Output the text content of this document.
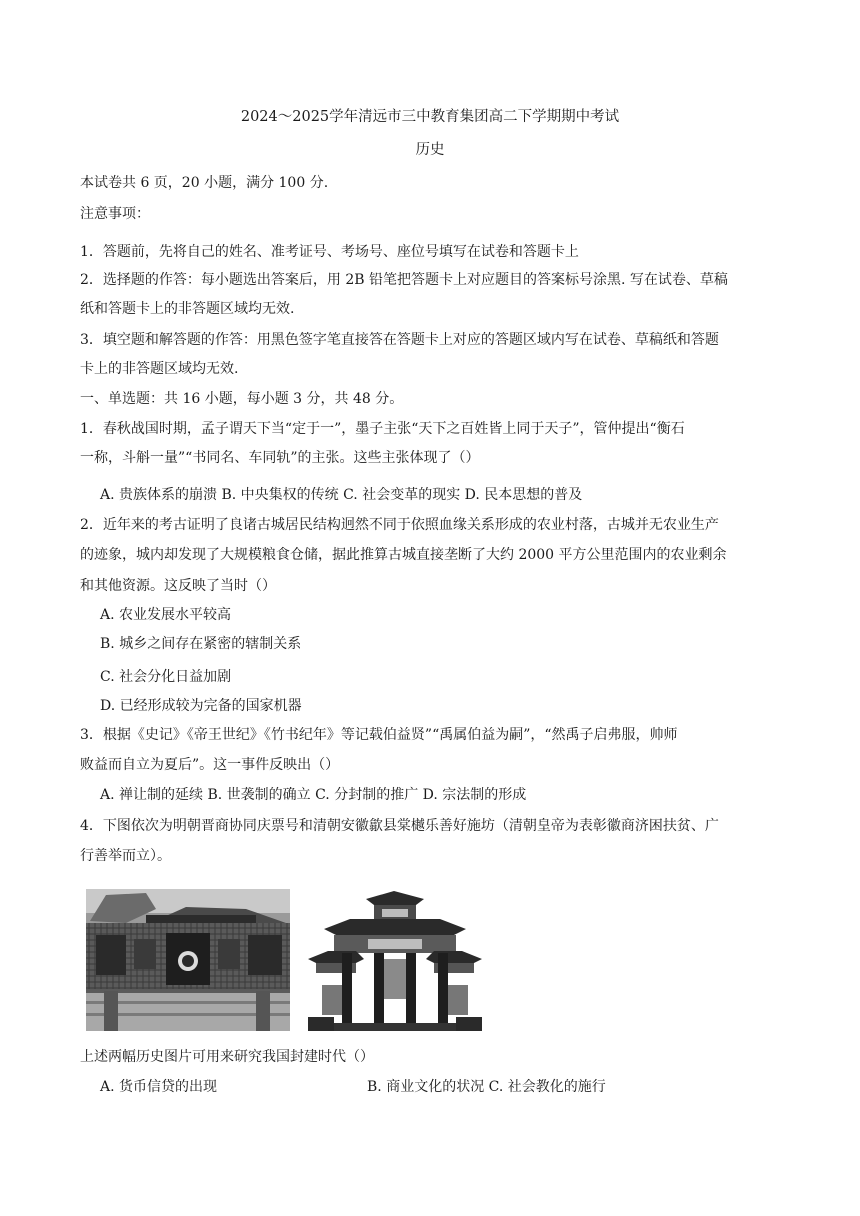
2024～2025学年清远市三中教育集团高二下学期期中考试
历史
本试卷共 6 页，20 小题，满分 100 分.
注意事项：
1．答题前，先将自己的姓名、准考证号、考场号、座位号填写在试卷和答题卡上
2．选择题的作答：每小题选出答案后，用 2B 铅笔把答题卡上对应题目的答案标号涂黑. 写在试卷、草稿
纸和答题卡上的非答题区域均无效.
3．填空题和解答题的作答：用黑色签字笔直接答在答题卡上对应的答题区域内写在试卷、草稿纸和答题
卡上的非答题区域均无效.
一、单选题：共 16 小题，每小题 3 分，共 48 分。
1．春秋战国时期，孟子谓天下当“定于一”，墨子主张“天下之百姓皆上同于天子”，管仲提出“衡石
一称，斗斛一量”“书同名、车同轨”的主张。这些主张体现了（）
A. 贵族体系的崩溃 B. 中央集权的传统 C. 社会变革的现实 D. 民本思想的普及
2．近年来的考古证明了良诸古城居民结构迥然不同于依照血缘关系形成的农业村落，古城并无农业生产
的迹象，城内却发现了大规模粮食仓储，据此推算古城直接垄断了大约 2000 平方公里范围内的农业剩余
和其他资源。这反映了当时（）
A. 农业发展水平较高
B. 城乡之间存在紧密的辖制关系
C. 社会分化日益加剧
D. 已经形成较为完备的国家机器
3．根据《史记》《帝王世纪》《竹书纪年》等记载伯益贤”“禹属伯益为嗣”，“然禹子启弗服，帅师
败益而自立为夏后”。这一事件反映出（）
A. 禅让制的延续 B. 世袭制的确立 C. 分封制的推广 D. 宗法制的形成
4．下图依次为明朝晋商协同庆票号和清朝安徽歙县棠樾乐善好施坊（清朝皇帝为表彰徽商济困扶贫、广
行善举而立）。
上述两幅历史图片可用来研究我国封建时代（）
A. 货币信贷的出现	B. 商业文化的状况 C. 社会教化的施行
